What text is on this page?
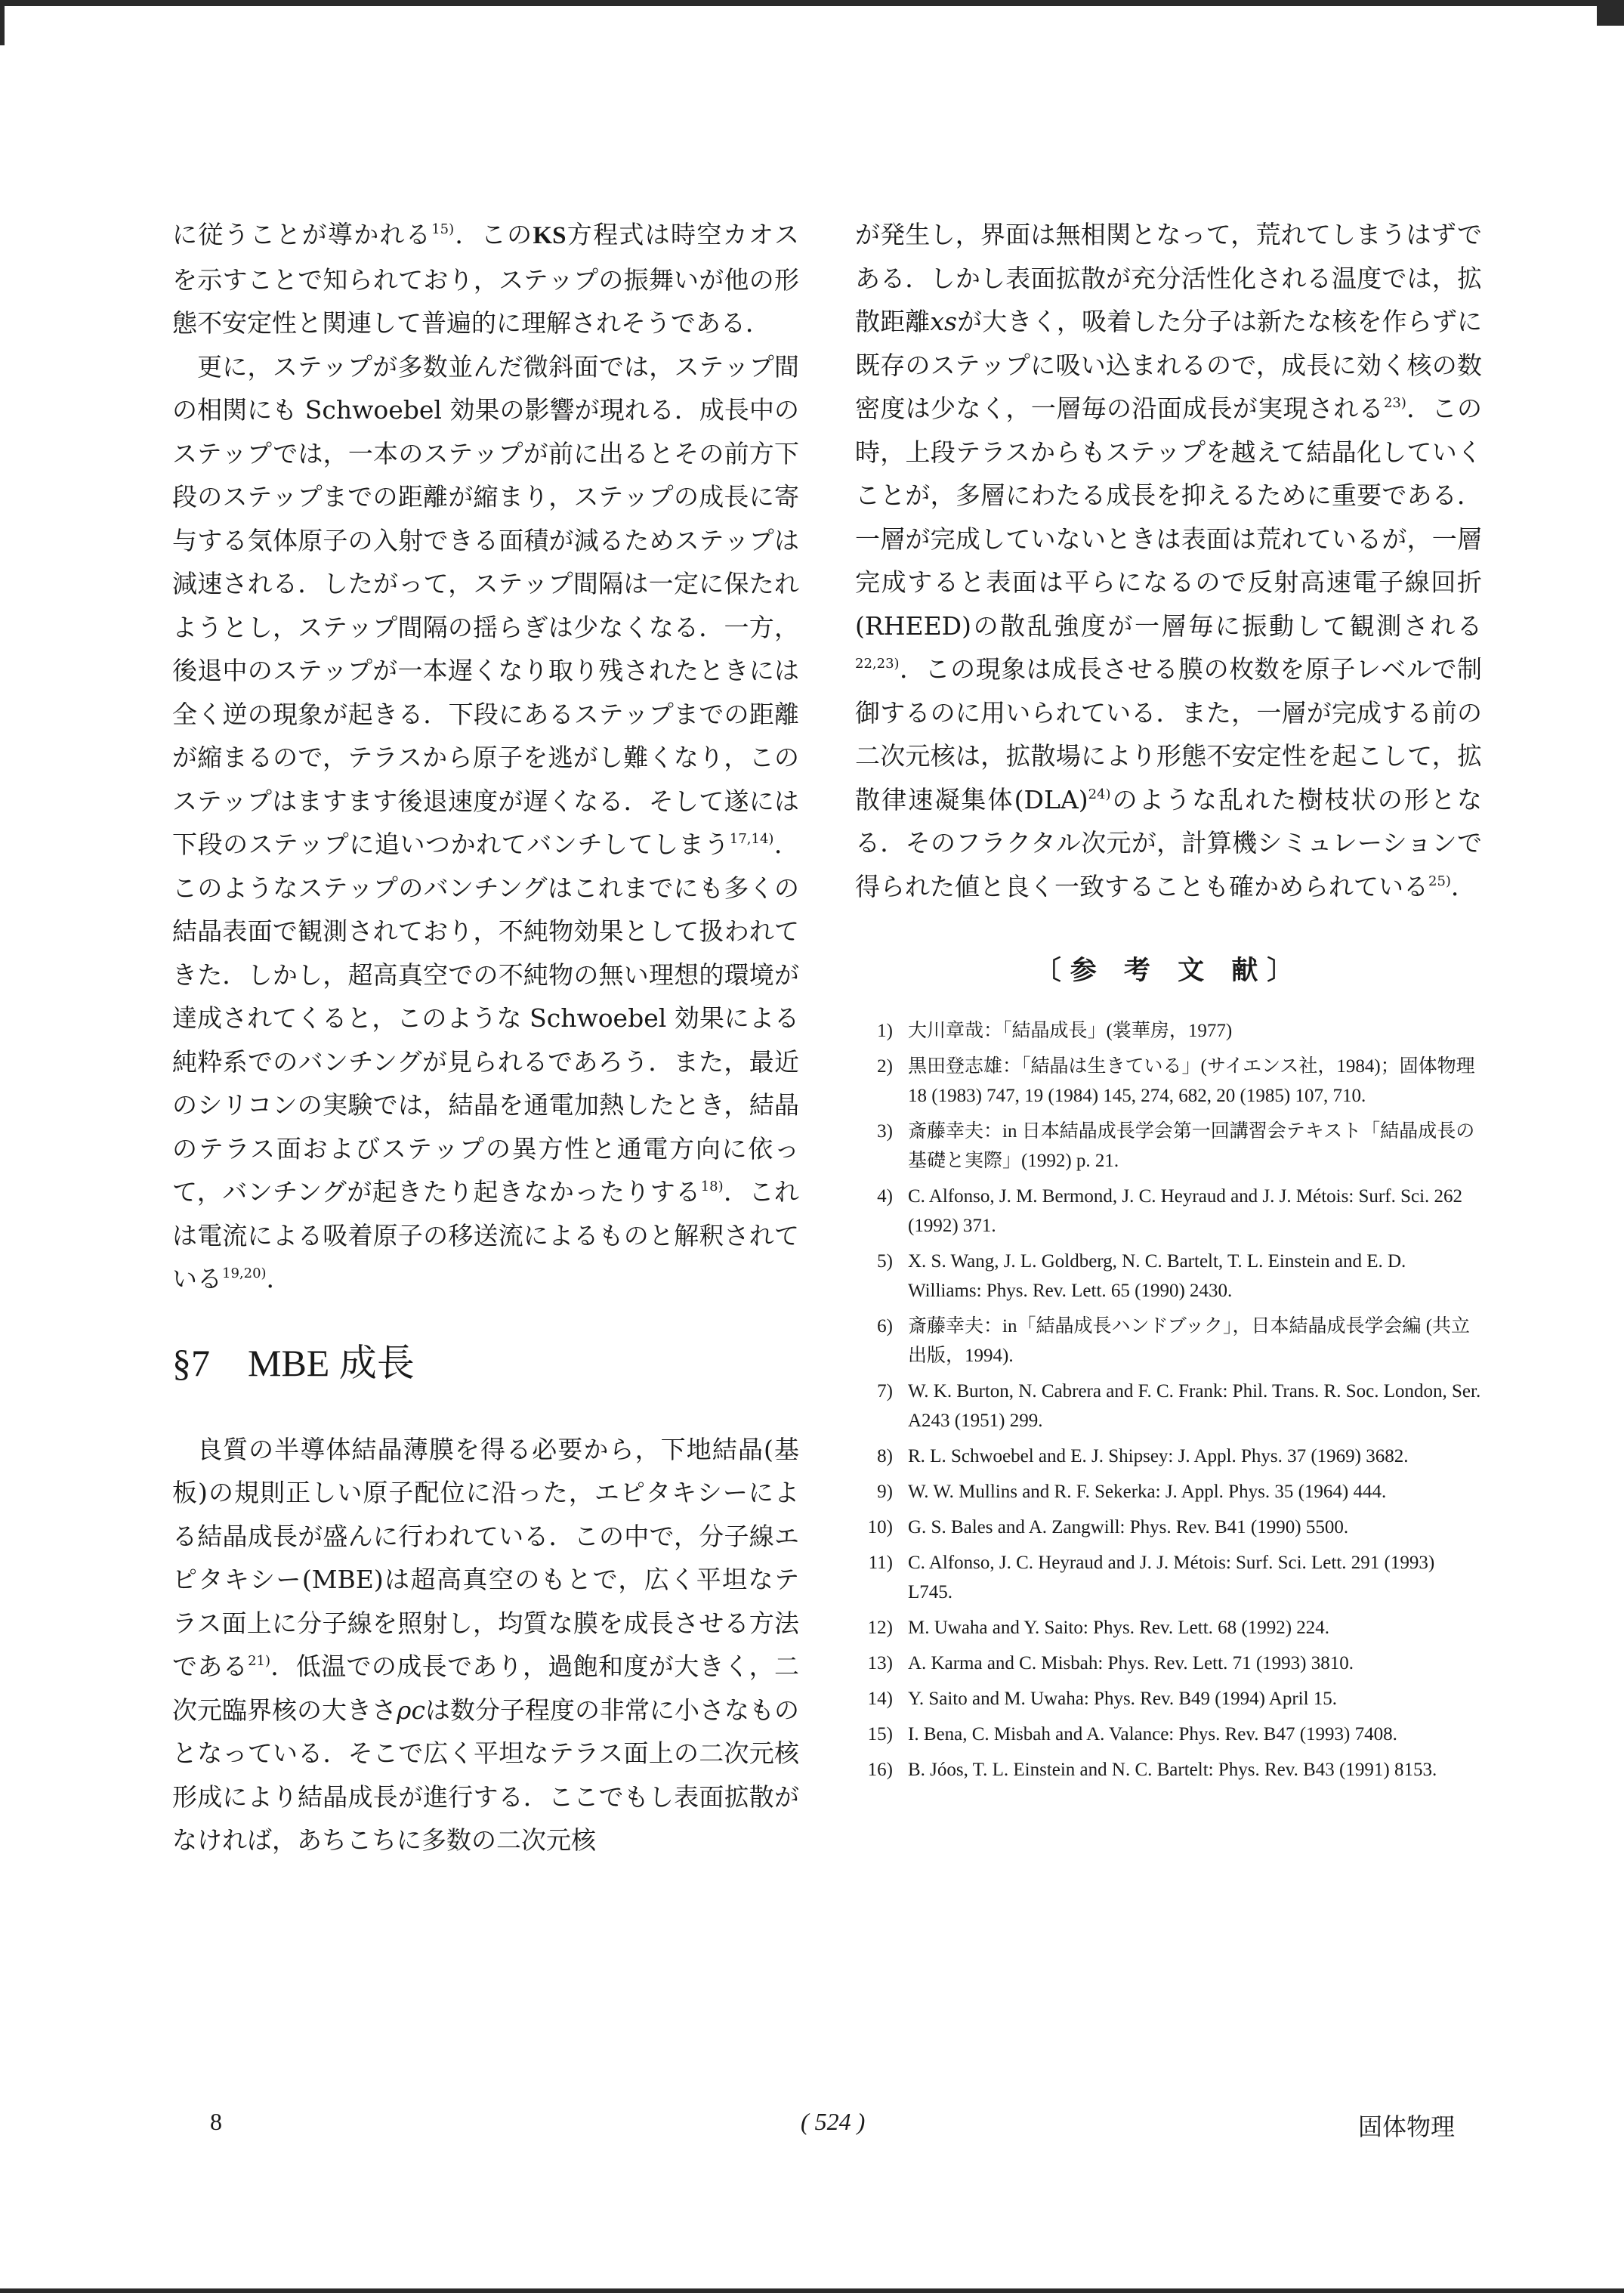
に従うことが導かれる$^{15)}$．このKS方程式は時空カオスを示すことで知られており，ステップの振舞いが他の形態不安定性と関連して普遍的に理解されそうである．

更に，ステップが多数並んだ微斜面では，ステップ間の相関にも Schwoebel 効果の影響が現れる．成長中のステップでは，一本のステップが前に出るとその前方下段のステップまでの距離が縮まり，ステップの成長に寄与する気体原子の入射できる面積が減るためステップは減速される．したがって，ステップ間隔は一定に保たれようとし，ステップ間隔の揺らぎは少なくなる．一方，後退中のステップが一本遅くなり取り残されたときには全く逆の現象が起きる．下段にあるステップまでの距離が縮まるので，テラスから原子を逃がし難くなり，このステップはますます後退速度が遅くなる．そして遂には下段のステップに追いつかれてバンチしてしまう$^{17,14)}$．このようなステップのバンチングはこれまでにも多くの結晶表面で観測されており，不純物効果として扱われてきた．しかし，超高真空での不純物の無い理想的環境が達成されてくると，このような Schwoebel 効果による純粋系でのバンチングが見られるであろう．また，最近のシリコンの実験では，結晶を通電加熱したとき，結晶のテラス面およびステップの異方性と通電方向に依って，バンチングが起きたり起きなかったりする$^{18)}$．これは電流による吸着原子の移送流によるものと解釈されている$^{19,20)}$．

§7　MBE 成長

良質の半導体結晶薄膜を得る必要から，下地結晶(基板)の規則正しい原子配位に沿った，エピタキシーによる結晶成長が盛んに行われている．この中で，分子線エピタキシー(MBE)は超高真空のもとで，広く平坦なテラス面上に分子線を照射し，均質な膜を成長させる方法である$^{21)}$．低温での成長であり，過飽和度が大きく，二次元臨界核の大きさρcは数分子程度の非常に小さなものとなっている．そこで広く平坦なテラス面上の二次元核形成により結晶成長が進行する．ここでもし表面拡散がなければ，あちこちに多数の二次元核

が発生し，界面は無相関となって，荒れてしまうはずである．しかし表面拡散が充分活性化される温度では，拡散距離xsが大きく，吸着した分子は新たな核を作らずに既存のステップに吸い込まれるので，成長に効く核の数密度は少なく，一層毎の沿面成長が実現される$^{23)}$．この時，上段テラスからもステップを越えて結晶化していくことが，多層にわたる成長を抑えるために重要である．一層が完成していないときは表面は荒れているが，一層完成すると表面は平らになるので反射高速電子線回折(RHEED)の散乱強度が一層毎に振動して観測される$^{22,23)}$．この現象は成長させる膜の枚数を原子レベルで制御するのに用いられている．また，一層が完成する前の二次元核は，拡散場により形態不安定性を起こして，拡散律速凝集体(DLA)$^{24)}$のような乱れた樹枝状の形となる．そのフラクタル次元が，計算機シミュレーションで得られた値と良く一致することも確かめられている$^{25)}$．

〔参 考 文 献〕
1) 大川章哉：「結晶成長」(裳華房，1977)
2) 黒田登志雄：「結晶は生きている」(サイエンス社，1984)；固体物理 18 (1983) 747, 19 (1984) 145, 274, 682, 20 (1985) 107, 710.
3) 斎藤幸夫：in 日本結晶成長学会第一回講習会テキスト「結晶成長の基礎と実際」(1992) p. 21.
4) C. Alfonso, J. M. Bermond, J. C. Heyraud and J. J. Métois: Surf. Sci. 262 (1992) 371.
5) X. S. Wang, J. L. Goldberg, N. C. Bartelt, T. L. Einstein and E. D. Williams: Phys. Rev. Lett. 65 (1990) 2430.
6) 斎藤幸夫：in「結晶成長ハンドブック」，日本結晶成長学会編 (共立出版，1994).
7) W. K. Burton, N. Cabrera and F. C. Frank: Phil. Trans. R. Soc. London, Ser. A243 (1951) 299.
8) R. L. Schwoebel and E. J. Shipsey: J. Appl. Phys. 37 (1969) 3682.
9) W. W. Mullins and R. F. Sekerka: J. Appl. Phys. 35 (1964) 444.
10) G. S. Bales and A. Zangwill: Phys. Rev. B41 (1990) 5500.
11) C. Alfonso, J. C. Heyraud and J. J. Métois: Surf. Sci. Lett. 291 (1993) L745.
12) M. Uwaha and Y. Saito: Phys. Rev. Lett. 68 (1992) 224.
13) A. Karma and C. Misbah: Phys. Rev. Lett. 71 (1993) 3810.
14) Y. Saito and M. Uwaha: Phys. Rev. B49 (1994) April 15.
15) I. Bena, C. Misbah and A. Valance: Phys. Rev. B47 (1993) 7408.
16) B. Jóos, T. L. Einstein and N. C. Bartelt: Phys. Rev. B43 (1991) 8153.
8	( 524 )	固体物理
